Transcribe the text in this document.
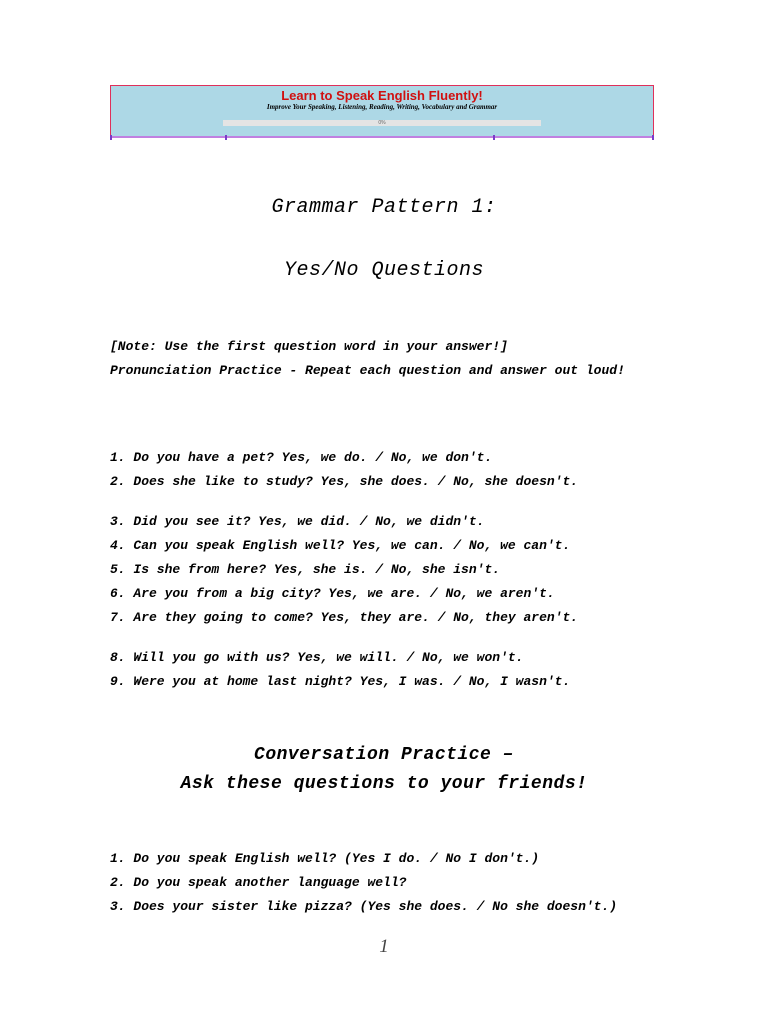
Learn to Speak English Fluently!
Improve Your Speaking, Listening, Reading, Writing, Vocabulary and Grammar
0%
Grammar Pattern 1:
Yes/No Questions
[Note: Use the first question word in your answer!]
Pronunciation Practice - Repeat each question and answer out loud!
1. Do you have a pet? Yes, we do. / No, we don't.
2. Does she like to study? Yes, she does. / No, she doesn't.
3. Did you see it? Yes, we did. / No, we didn't.
4. Can you speak English well? Yes, we can. / No, we can't.
5. Is she from here? Yes, she is. / No, she isn't.
6. Are you from a big city? Yes, we are. / No, we aren't.
7. Are they going to come? Yes, they are. / No, they aren't.
8. Will you go with us? Yes, we will. / No, we won't.
9. Were you at home last night? Yes, I was. / No, I wasn't.
Conversation Practice –
Ask these questions to your friends!
1. Do you speak English well? (Yes I do. / No I don't.)
2. Do you speak another language well?
3. Does your sister like pizza? (Yes she does. / No she doesn't.)
1
